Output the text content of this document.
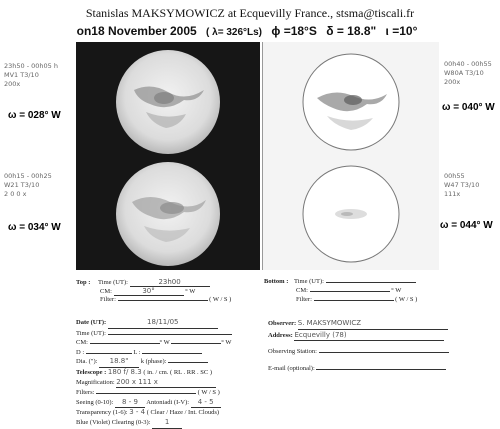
Stanislas MAKSYMOWICZ at Ecquevilly France., stsma@tiscali.fr
on18 November 2005 ( λ= 326°Ls) ϕ =18°S δ = 18.8" ι =10°
23h50 - 00h05 h
MV1 T3/10
200x
ω = 028° W
00h15 - 00h25
W21 T3/10
2 0 0 x
ω = 034° W
00h40 - 00h55
W80A T3/10
200x
ω = 040° W
00h55
W47 T3/10
111x
ω = 044° W
Top : Time (UT):	23h00
CM:	30°	° W
Filter:	( W / S )
Bottom : Time (UT):
CM:	° W
Filter:	( W / S )
Date (UT):	18/11/05
Time (UT):
CM:	° W	° W
D :	L :
Dia. ("): 18.8" k (phase):
Telescope : 180 f/ 8.3 ( in. / cm. ( RL . RR . SC )
Magnification: 200 x 111 x
Filters:	( W / S )
Seeing (0-10): 8 - 9 Antoniadi (I-V): 4 - 5
Transparency (1-6): 3 - 4 ( Clear / Haze / Int. Clouds)
Blue (Violet) Clearing (0-3): 1
Observer: S. MAKSYMOWICZ
Address: Ecquevilly (78)
Observing Station:
E-mail (optional):
